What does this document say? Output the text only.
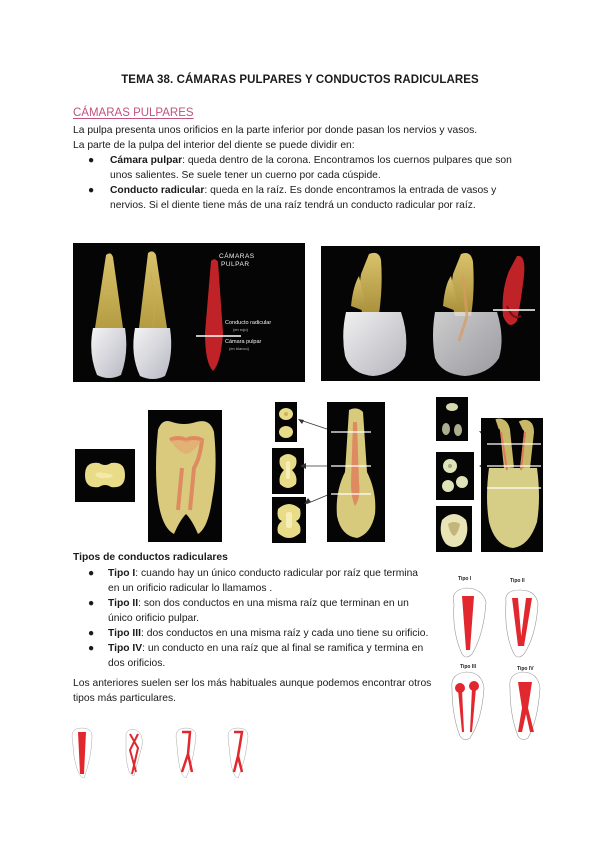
TEMA 38. CÁMARAS PULPARES Y CONDUCTOS RADICULARES
CÁMARAS PULPARES
La pulpa presenta unos orificios en la parte inferior por donde pasan los nervios y vasos.
La parte de la pulpa del interior del diente se puede dividir en:
● Cámara pulpar: queda dentro de la corona. Encontramos los cuernos pulpares que son
unos salientes. Se suele tener un cuerno por cada cúspide.
● Conducto radicular: queda en la raíz. Es donde encontramos la entrada de vasos y
nervios. Si el diente tiene más de una raíz tendrá un conducto radicular por raíz.
CÁMARAS
PULPAR
Conducto radicular
(en rojo)
Cámara pulpar
(en blanco)
Tipos de conductos radiculares
● Tipo I: cuando hay un único conducto radicular por raíz que termina
en un orificio radicular lo llamamos .
● Tipo II: son dos conductos en una misma raíz que terminan en un
único orificio pulpar.
● Tipo III: dos conductos en una misma raíz y cada uno tiene su orificio.
● Tipo IV: un conducto en una raíz que al final se ramifica y termina en
dos orificios.
Los anteriores suelen ser los más habituales aunque podemos encontrar otros
tipos más particulares.
Tipo I	Tipo II
Tipo III	Tipo IV
